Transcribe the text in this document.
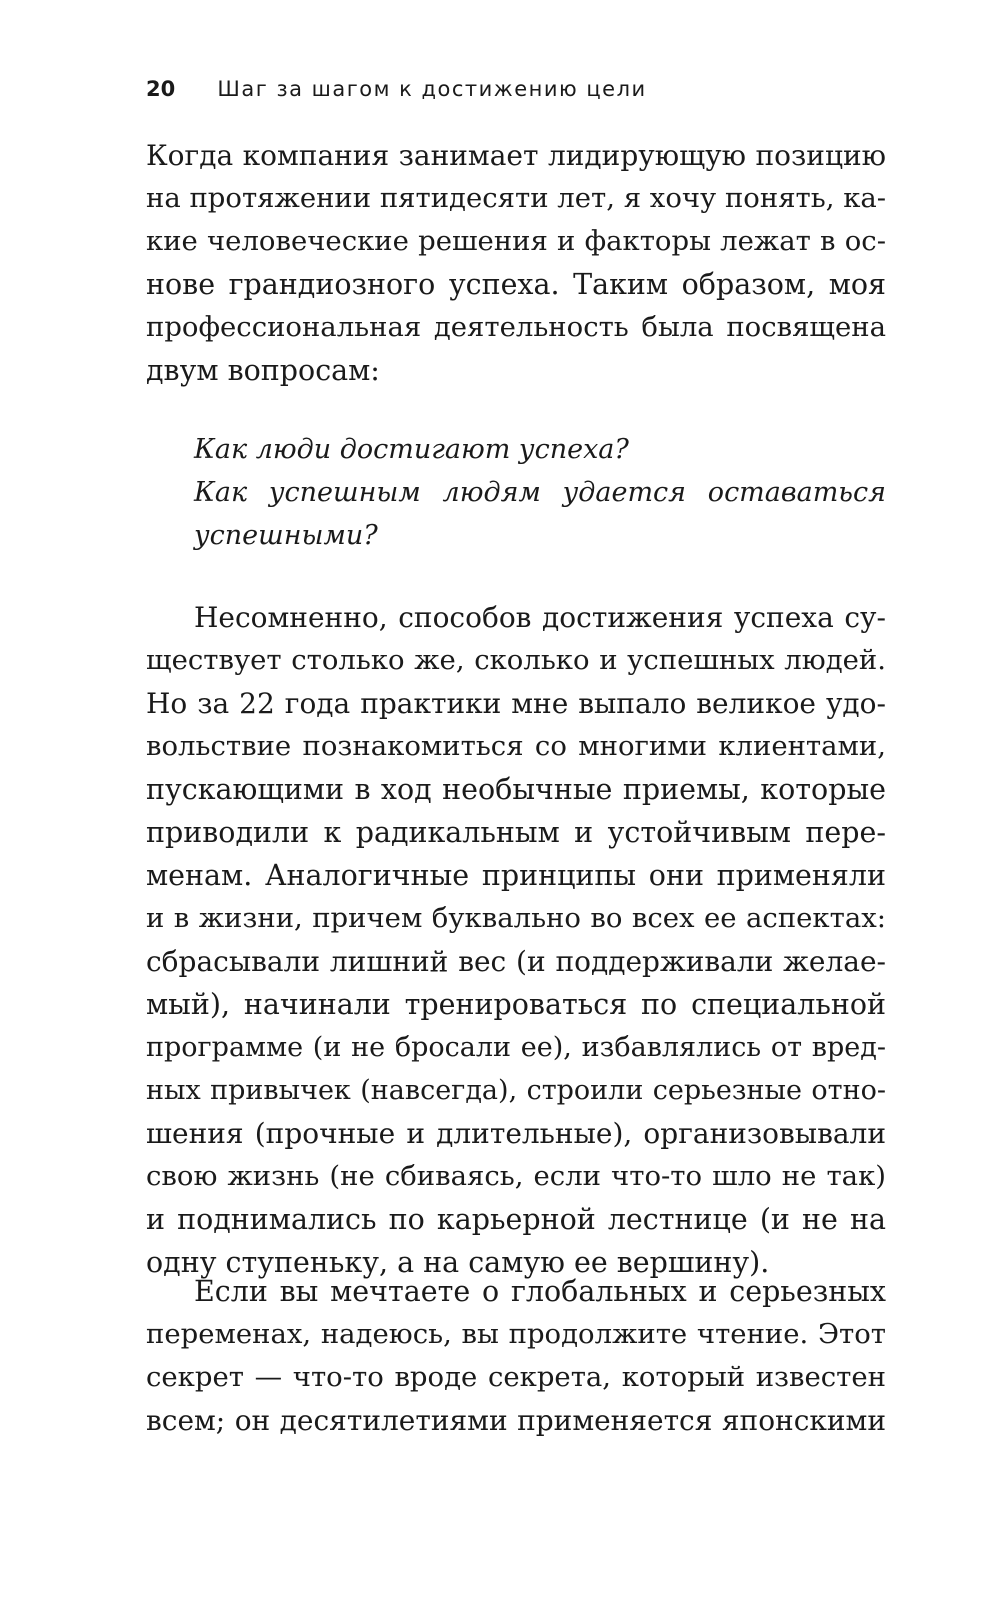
20 Шаг за шагом к достижению цели
Когда компания занимает лидирующую позицию
на протяжении пятидесяти лет, я хочу понять, ка-
кие человеческие решения и факторы лежат в ос-
нове грандиозного успеха. Таким образом, моя
профессиональная деятельность была посвящена
двум вопросам:
Как люди достигают успеха?
Как успешным людям удается оставаться
успешными?
Несомненно, способов достижения успеха су-
ществует столько же, сколько и успешных людей.
Но за 22 года практики мне выпало великое удо-
вольствие познакомиться со многими клиентами,
пускающими в ход необычные приемы, которые
приводили к радикальным и устойчивым пере-
менам. Аналогичные принципы они применяли
и в жизни, причем буквально во всех ее аспектах:
сбрасывали лишний вес (и поддерживали желае-
мый), начинали тренироваться по специальной
программе (и не бросали ее), избавлялись от вред-
ных привычек (навсегда), строили серьезные отно-
шения (прочные и длительные), организовывали
свою жизнь (не сбиваясь, если что-то шло не так)
и поднимались по карьерной лестнице (и не на
одну ступеньку, а на самую ее вершину).
Если вы мечтаете о глобальных и серьезных
переменах, надеюсь, вы продолжите чтение. Этот
секрет — что-то вроде секрета, который известен
всем; он десятилетиями применяется японскими
